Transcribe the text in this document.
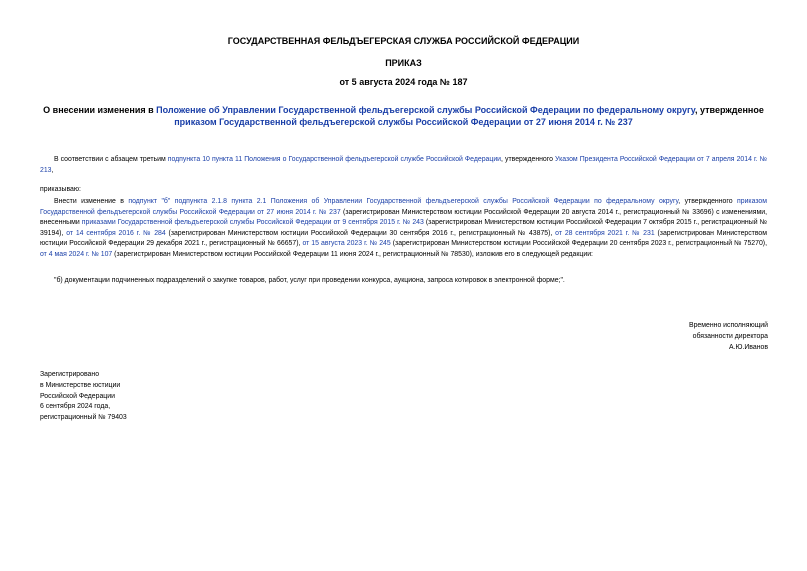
ГОСУДАРСТВЕННАЯ ФЕЛЬДЪЕГЕРСКАЯ СЛУЖБА РОССИЙСКОЙ ФЕДЕРАЦИИ
ПРИКАЗ
от 5 августа 2024 года № 187
О внесении изменения в Положение об Управлении Государственной фельдъегерской службы Российской Федерации по федеральному округу, утвержденное приказом Государственной фельдъегерской службы Российской Федерации от 27 июня 2014 г. № 237
В соответствии с абзацем третьим подпункта 10 пункта 11 Положения о Государственной фельдъегерской службе Российской Федерации, утвержденного Указом Президента Российской Федерации от 7 апреля 2014 г. № 213,
приказываю:
Внести изменение в подпункт "б" подпункта 2.1.8 пункта 2.1 Положения об Управлении Государственной фельдъегерской службы Российской Федерации по федеральному округу, утвержденного приказом Государственной фельдъегерской службы Российской Федерации от 27 июня 2014 г. № 237 (зарегистрирован Министерством юстиции Российской Федерации 20 августа 2014 г., регистрационный № 33696) с изменениями, внесенными приказами Государственной фельдъегерской службы Российской Федерации от 9 сентября 2015 г. № 243 (зарегистрирован Министерством юстиции Российской Федерации 7 октября 2015 г., регистрационный № 39194), от 14 сентября 2016 г. № 284 (зарегистрирован Министерством юстиции Российской Федерации 30 сентября 2016 г., регистрационный № 43875), от 28 сентября 2021 г. № 231 (зарегистрирован Министерством юстиции Российской Федерации 29 декабря 2021 г., регистрационный № 66657), от 15 августа 2023 г. № 245 (зарегистрирован Министерством юстиции Российской Федерации 20 сентября 2023 г., регистрационный № 75270), от 4 мая 2024 г. № 107 (зарегистрирован Министерством юстиции Российской Федерации 11 июня 2024 г., регистрационный № 78530), изложив его в следующей редакции:
"б) документации подчиненных подразделений о закупке товаров, работ, услуг при проведении конкурса, аукциона, запроса котировок в электронной форме;".
Временно исполняющий
обязанности директора
А.Ю.Иванов
Зарегистрировано
в Министерстве юстиции
Российской Федерации
6 сентября 2024 года,
регистрационный № 79403
